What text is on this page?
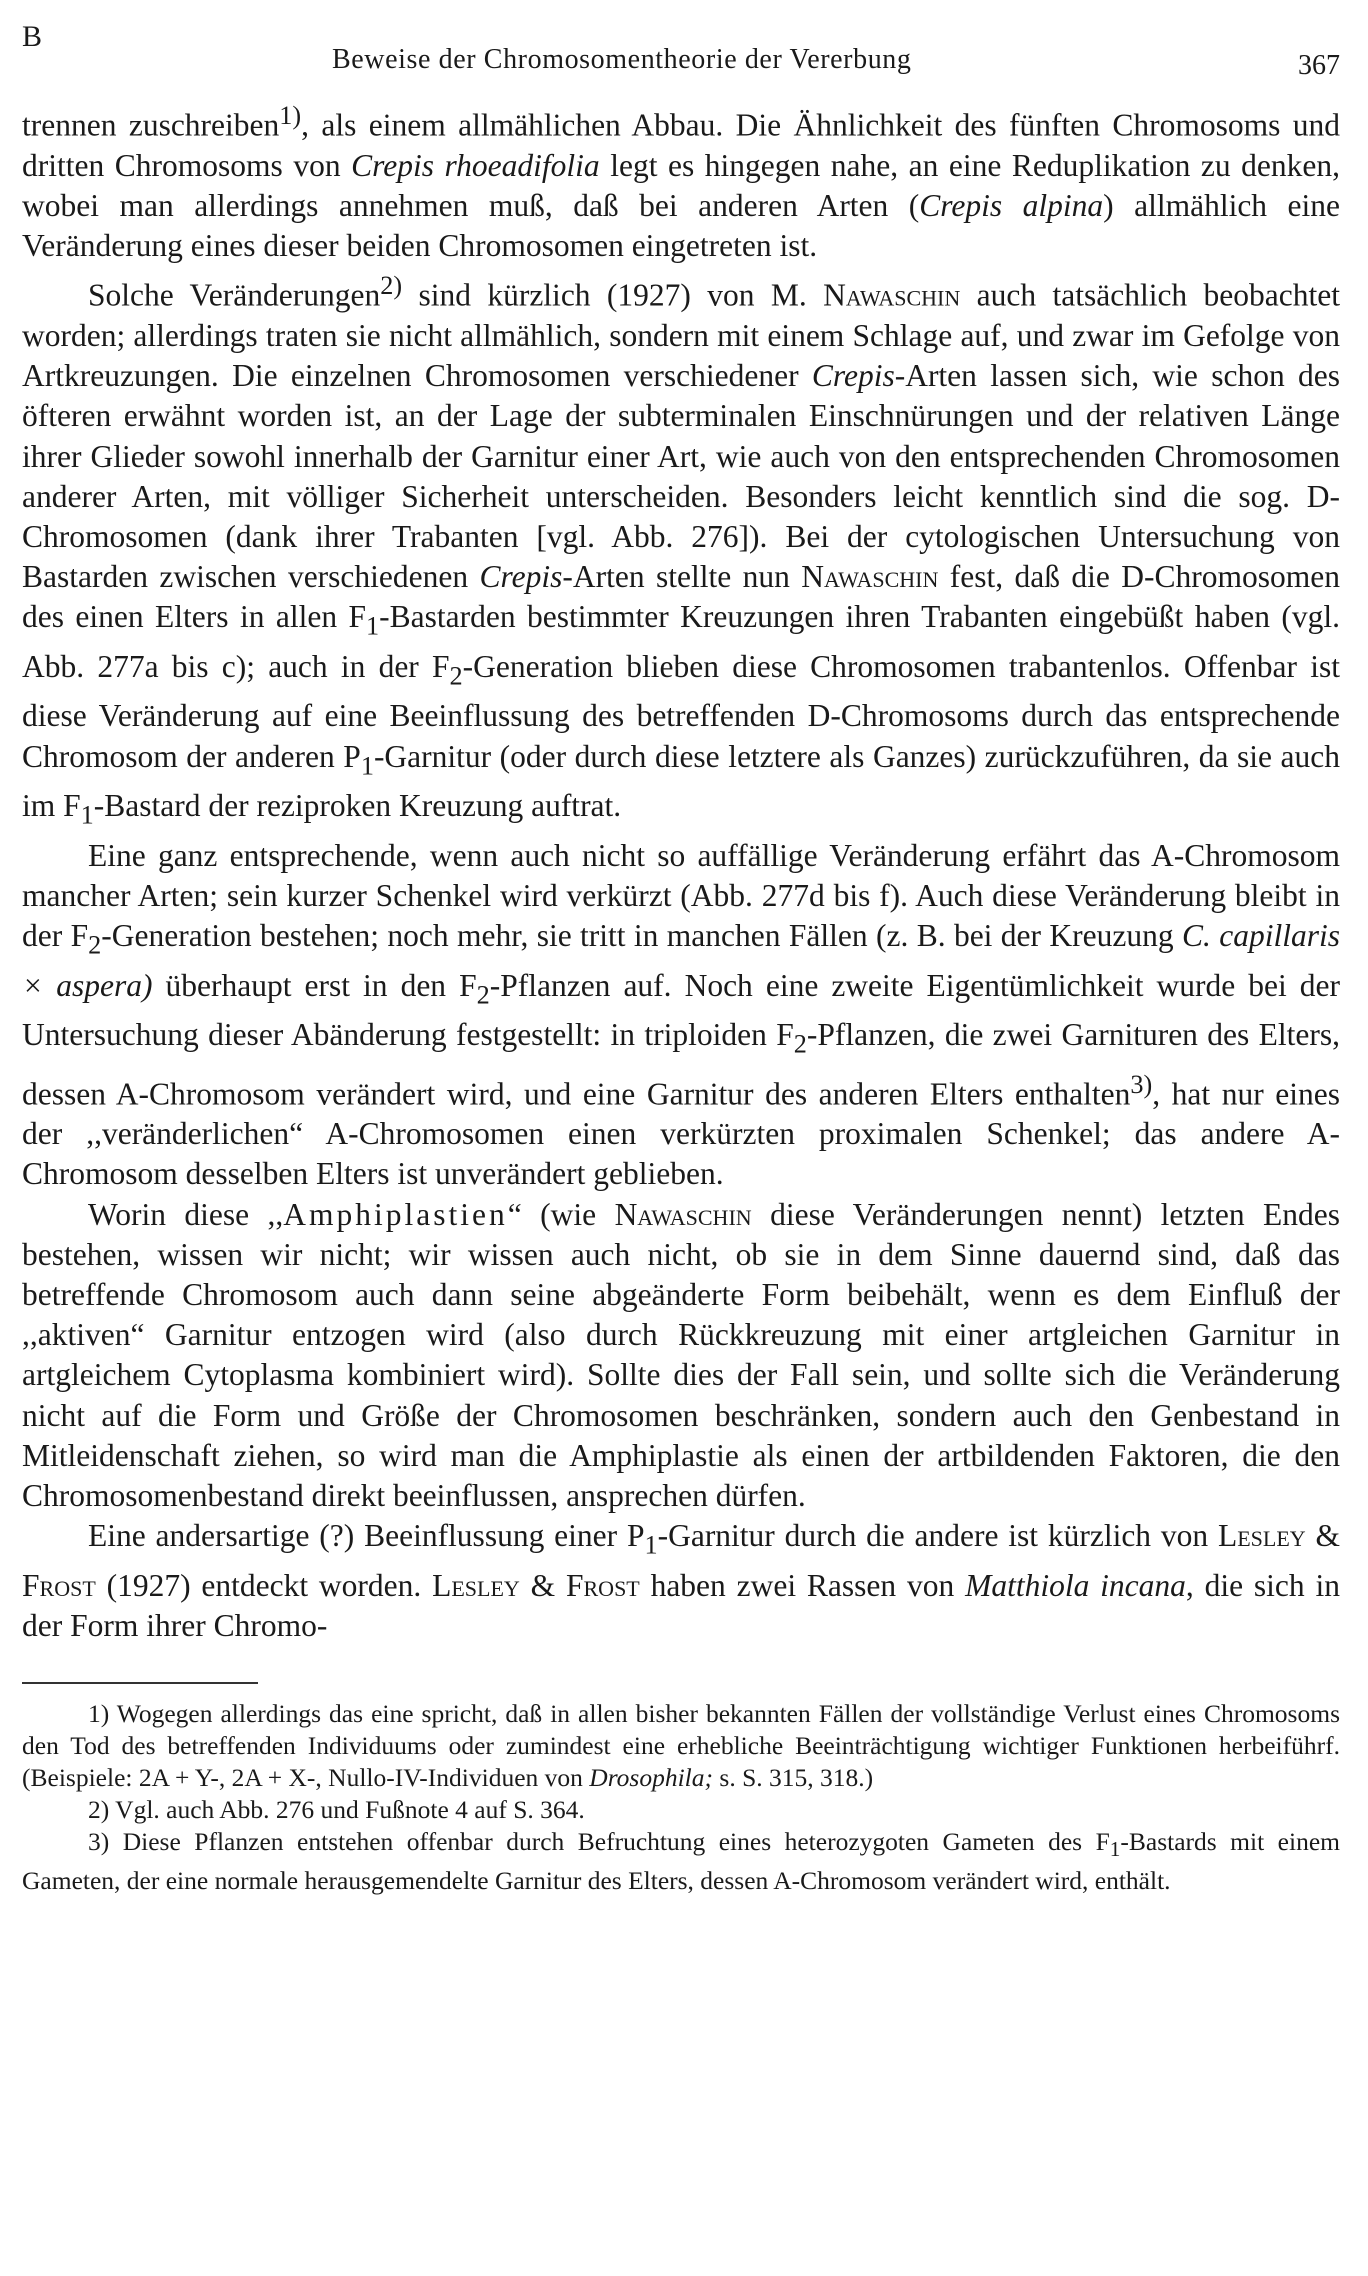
B
Beweise der Chromosomentheorie der Vererbung	367

trennen zuschreiben$^{1)}$, als einem allmählichen Abbau. Die Ähnlichkeit des fünften Chromosoms und dritten Chromosoms von Crepis rhoeadifolia legt es hingegen nahe, an eine Reduplikation zu denken, wobei man allerdings annehmen muß, daß bei anderen Arten (Crepis alpina) allmählich eine Veränderung eines dieser beiden Chromosomen eingetreten ist.

Solche Veränderungen$^{2)}$ sind kürzlich (1927) von M. Nawaschin auch tatsächlich beobachtet worden; allerdings traten sie nicht allmählich, sondern mit einem Schlage auf, und zwar im Gefolge von Artkreuzungen. Die einzelnen Chromosomen verschiedener Crepis-Arten lassen sich, wie schon des öfteren erwähnt worden ist, an der Lage der subterminalen Einschnürungen und der relativen Länge ihrer Glieder sowohl innerhalb der Garnitur einer Art, wie auch von den entsprechenden Chromosomen anderer Arten, mit völliger Sicherheit unterscheiden. Besonders leicht kenntlich sind die sog. D-Chromosomen (dank ihrer Trabanten [vgl. Abb. 276]). Bei der cytologischen Untersuchung von Bastarden zwischen verschiedenen Crepis-Arten stellte nun Nawaschin fest, daß die D-Chromosomen des einen Elters in allen $F_1$-Bastarden bestimmter Kreuzungen ihren Trabanten eingebüßt haben (vgl. Abb. 277a bis c); auch in der $F_2$-Generation blieben diese Chromosomen trabantenlos. Offenbar ist diese Veränderung auf eine Beeinflussung des betreffenden D-Chromosoms durch das entsprechende Chromosom der anderen $P_1$-Garnitur (oder durch diese letztere als Ganzes) zurückzuführen, da sie auch im $F_1$-Bastard der reziproken Kreuzung auftrat.

Eine ganz entsprechende, wenn auch nicht so auffällige Veränderung erfährt das A-Chromosom mancher Arten; sein kurzer Schenkel wird verkürzt (Abb. 277d bis f). Auch diese Veränderung bleibt in der $F_2$-Generation bestehen; noch mehr, sie tritt in manchen Fällen (z. B. bei der Kreuzung C. capillaris × aspera) überhaupt erst in den $F_2$-Pflanzen auf. Noch eine zweite Eigentümlichkeit wurde bei der Untersuchung dieser Abänderung festgestellt: in triploiden $F_2$-Pflanzen, die zwei Garnituren des Elters, dessen A-Chromosom verändert wird, und eine Garnitur des anderen Elters enthalten$^{3)}$, hat nur eines der ,,veränderlichen“ A-Chromosomen einen verkürzten proximalen Schenkel; das andere A-Chromosom desselben Elters ist unverändert geblieben.

Worin diese ,,Amphiplastien“ (wie Nawaschin diese Veränderungen nennt) letzten Endes bestehen, wissen wir nicht; wir wissen auch nicht, ob sie in dem Sinne dauernd sind, daß das betreffende Chromosom auch dann seine abgeänderte Form beibehält, wenn es dem Einfluß der ,,aktiven“ Garnitur entzogen wird (also durch Rückkreuzung mit einer artgleichen Garnitur in artgleichem Cytoplasma kombiniert wird). Sollte dies der Fall sein, und sollte sich die Veränderung nicht auf die Form und Größe der Chromosomen beschränken, sondern auch den Genbestand in Mitleidenschaft ziehen, so wird man die Amphiplastie als einen der artbildenden Faktoren, die den Chromosomenbestand direkt beeinflussen, ansprechen dürfen.

Eine andersartige (?) Beeinflussung einer $P_1$-Garnitur durch die andere ist kürzlich von Lesley & Frost (1927) entdeckt worden. Lesley & Frost haben zwei Rassen von Matthiola incana, die sich in der Form ihrer Chromo-

1) Wogegen allerdings das eine spricht, daß in allen bisher bekannten Fällen der vollständige Verlust eines Chromosoms den Tod des betreffenden Individuums oder zumindest eine erhebliche Beeinträchtigung wichtiger Funktionen herbeiführf. (Beispiele: 2A + Y-, 2A + X-, Nullo-IV-Individuen von Drosophila; s. S. 315, 318.)

2) Vgl. auch Abb. 276 und Fußnote 4 auf S. 364.

3) Diese Pflanzen entstehen offenbar durch Befruchtung eines heterozygoten Gameten des $F_1$-Bastards mit einem Gameten, der eine normale herausgemendelte Garnitur des Elters, dessen A-Chromosom verändert wird, enthält.
